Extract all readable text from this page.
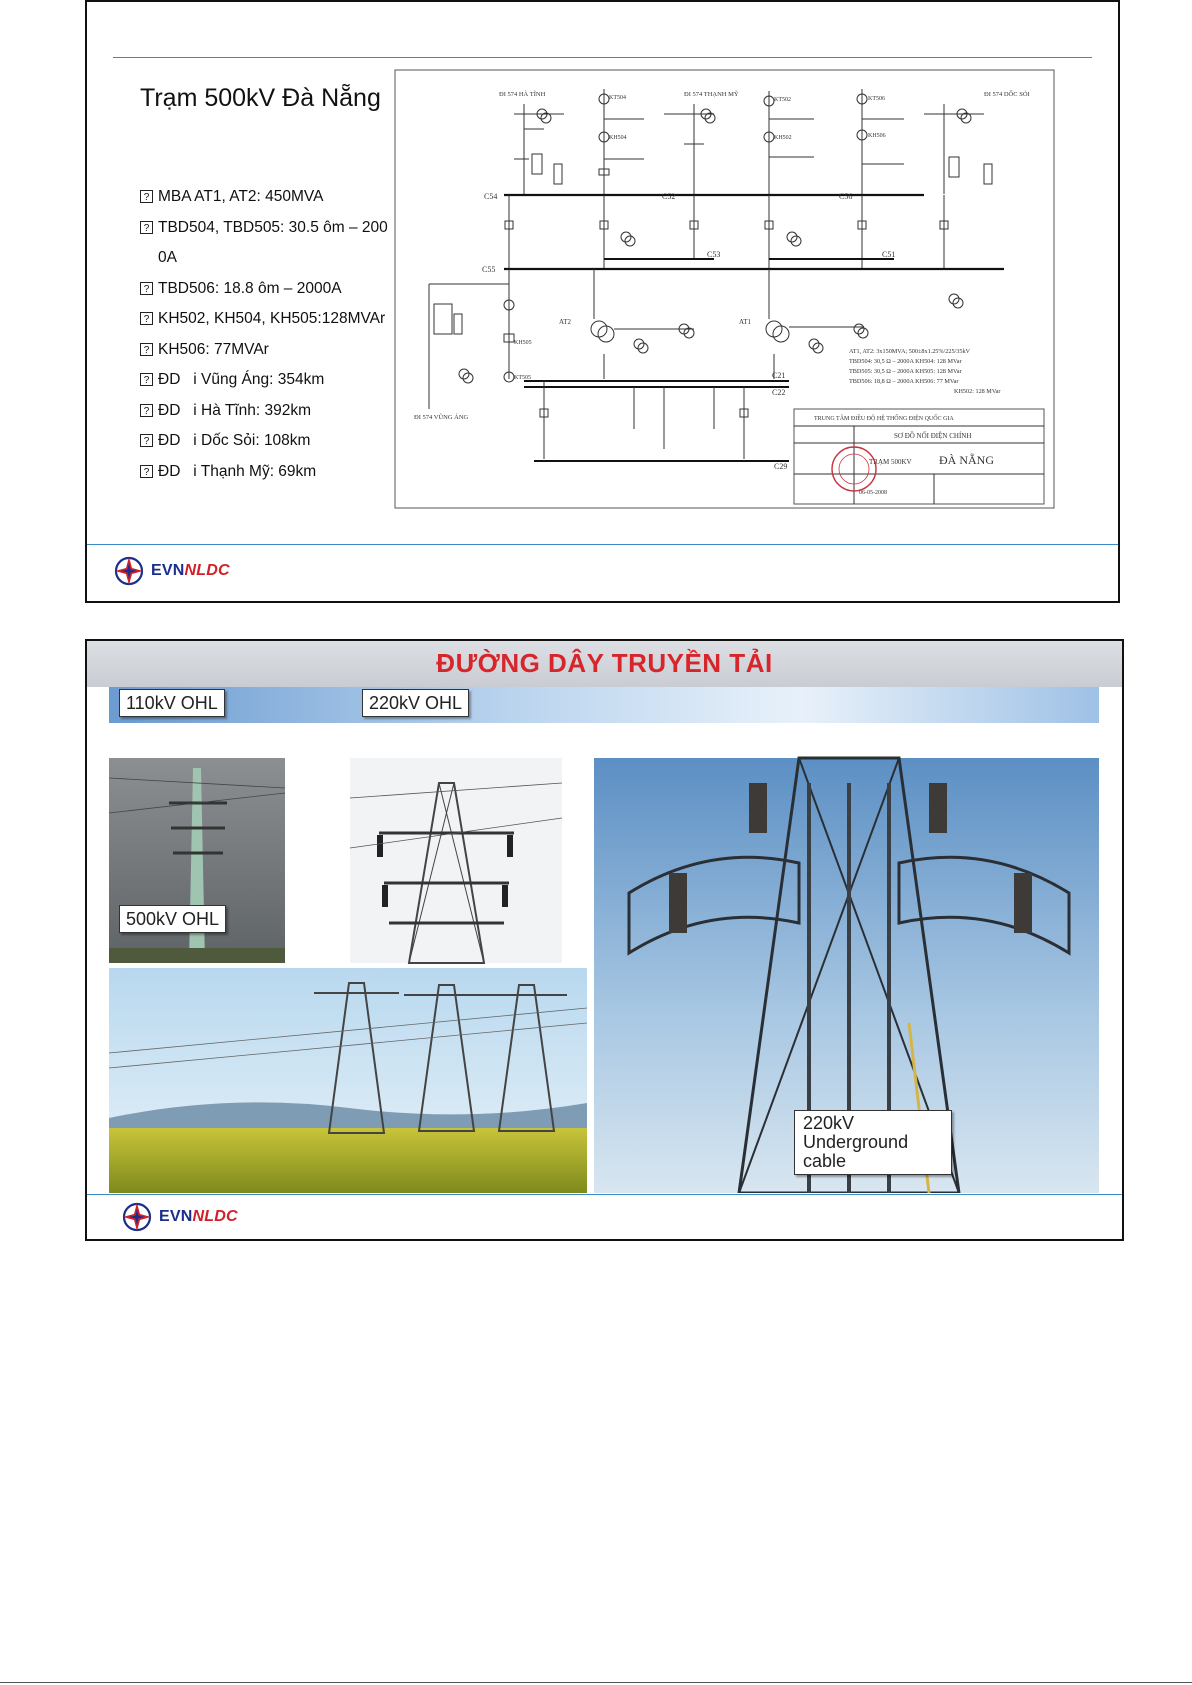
Trạm 500kV Đà Nẵng
? MBA AT1, AT2: 450MVA
? TBD504, TBD505: 30.5 ôm – 2000A
? TBD506: 18.8 ôm – 2000A
? KH502, KH504, KH505:128MVAr
? KH506: 77MVAr
? ĐD   i Vũng Áng: 354km
? ĐD   i Hà Tĩnh: 392km
? ĐD   i Dốc Sỏi: 108km
? ĐD   i Thạnh Mỹ: 69km
ĐI 574 HÀ TĨNH	ĐI 574 THẠNH MỸ	ĐI 574 DỐC SỎI
ĐI 574 VŨNG ÁNG
KT504
KH504
KT502
KH502
KT506
KH506
C54	C52	C56
C53	C51
C55
AT2	AT1
KT505
KH505
C21
C22
C29
AT1, AT2: 3x150MVA; 500±8x1.25%/225/35kV
TBD504: 30,5 Ω – 2000A KH504: 128 MVar
TBD505: 30,5 Ω – 2000A KH505: 128 MVar
TBD506: 18,8 Ω – 2000A KH506: 77 MVar
KH502: 128 MVar
TRUNG TÂM ĐIỀU ĐỘ HỆ THỐNG ĐIỆN QUỐC GIA
SƠ ĐỒ NỐI ĐIỆN CHÍNH
TRẠM 500KV ĐÀ NẴNG
06-05-2008
EVNNLDC
ĐƯỜNG DÂY TRUYỀN TẢI
110kV OHL	220kV OHL
500kV OHL
220kV Underground cable
EVNNLDC
